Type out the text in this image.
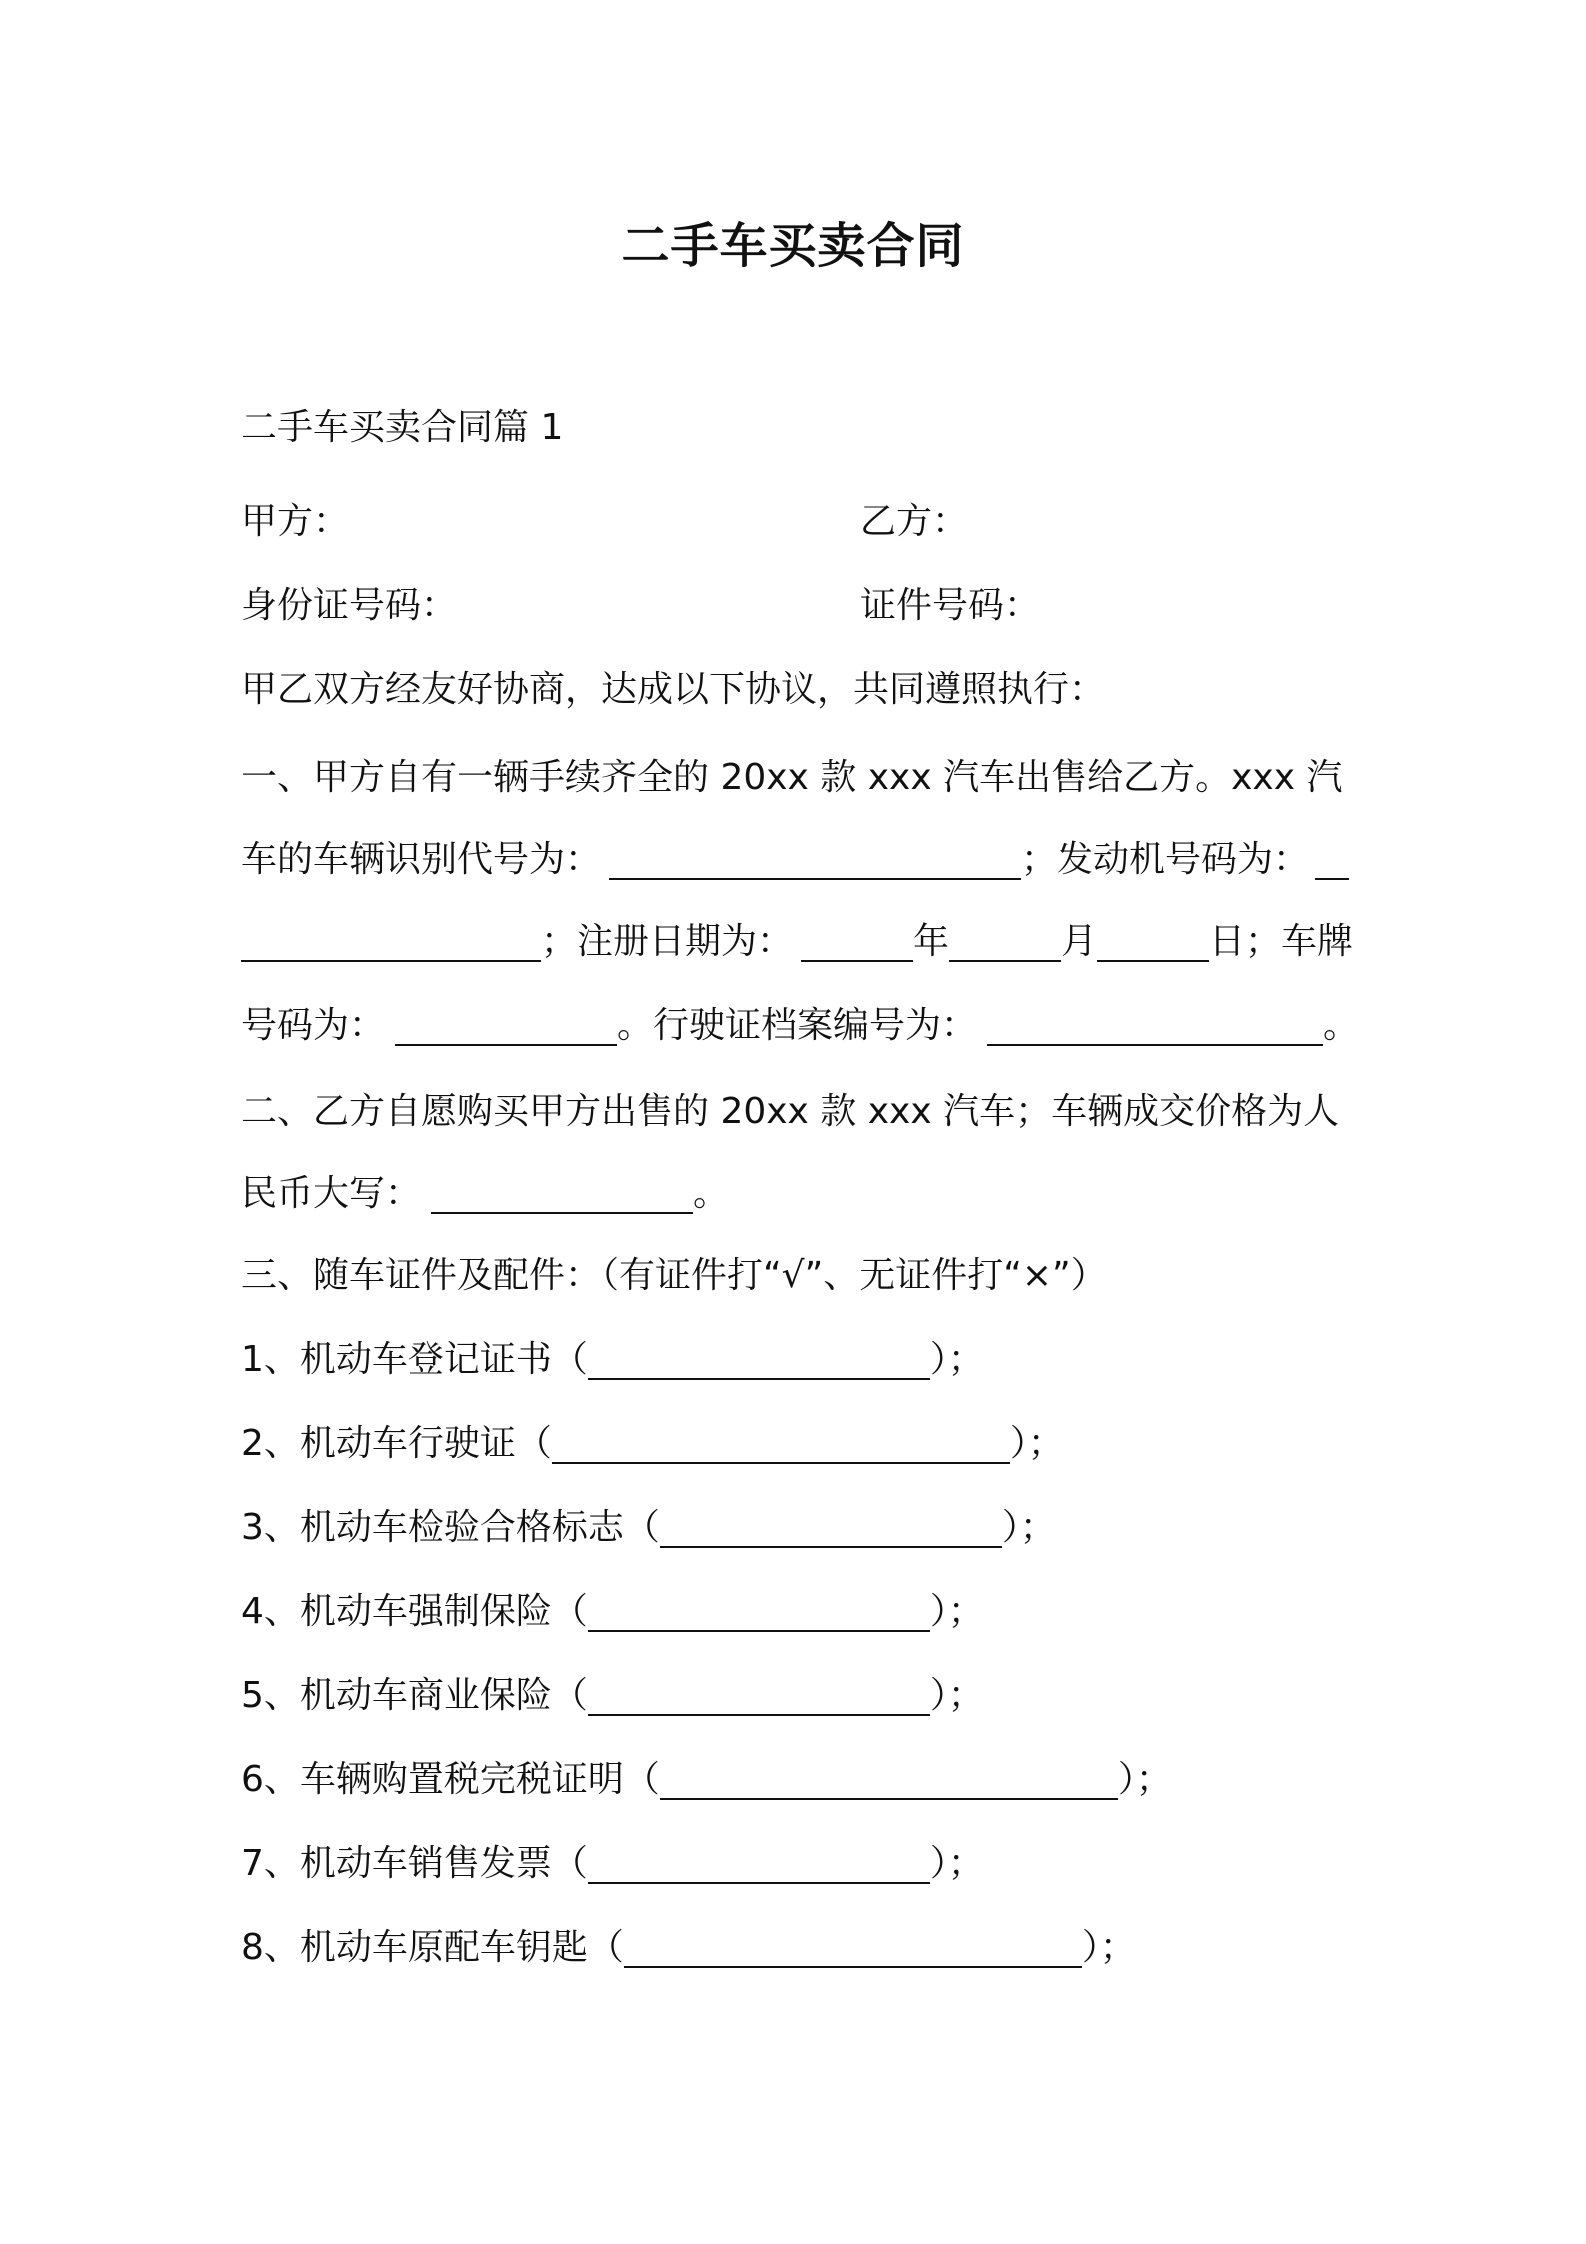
二手车买卖合同
二手车买卖合同篇 1
甲方：	乙方：
身份证号码：	证件号码：
甲乙双方经友好协商，达成以下协议，共同遵照执行：
一、甲方自有一辆手续齐全的 20xx 款 xxx 汽车出售给乙方。xxx 汽
车的车辆识别代号为：	；发动机号码为：
；注册日期为：	年	月	日；车牌
号码为：	。行驶证档案编号为：	。
二、乙方自愿购买甲方出售的 20xx 款 xxx 汽车；车辆成交价格为人
民币大写：	。
三、随车证件及配件：（有证件打“√”、无证件打“×”）
1、机动车登记证书（	）；
2、机动车行驶证（	）；
3、机动车检验合格标志（	）；
4、机动车强制保险（	）；
5、机动车商业保险（	）；
6、车辆购置税完税证明（	）；
7、机动车销售发票（	）；
8、机动车原配车钥匙（	）；
